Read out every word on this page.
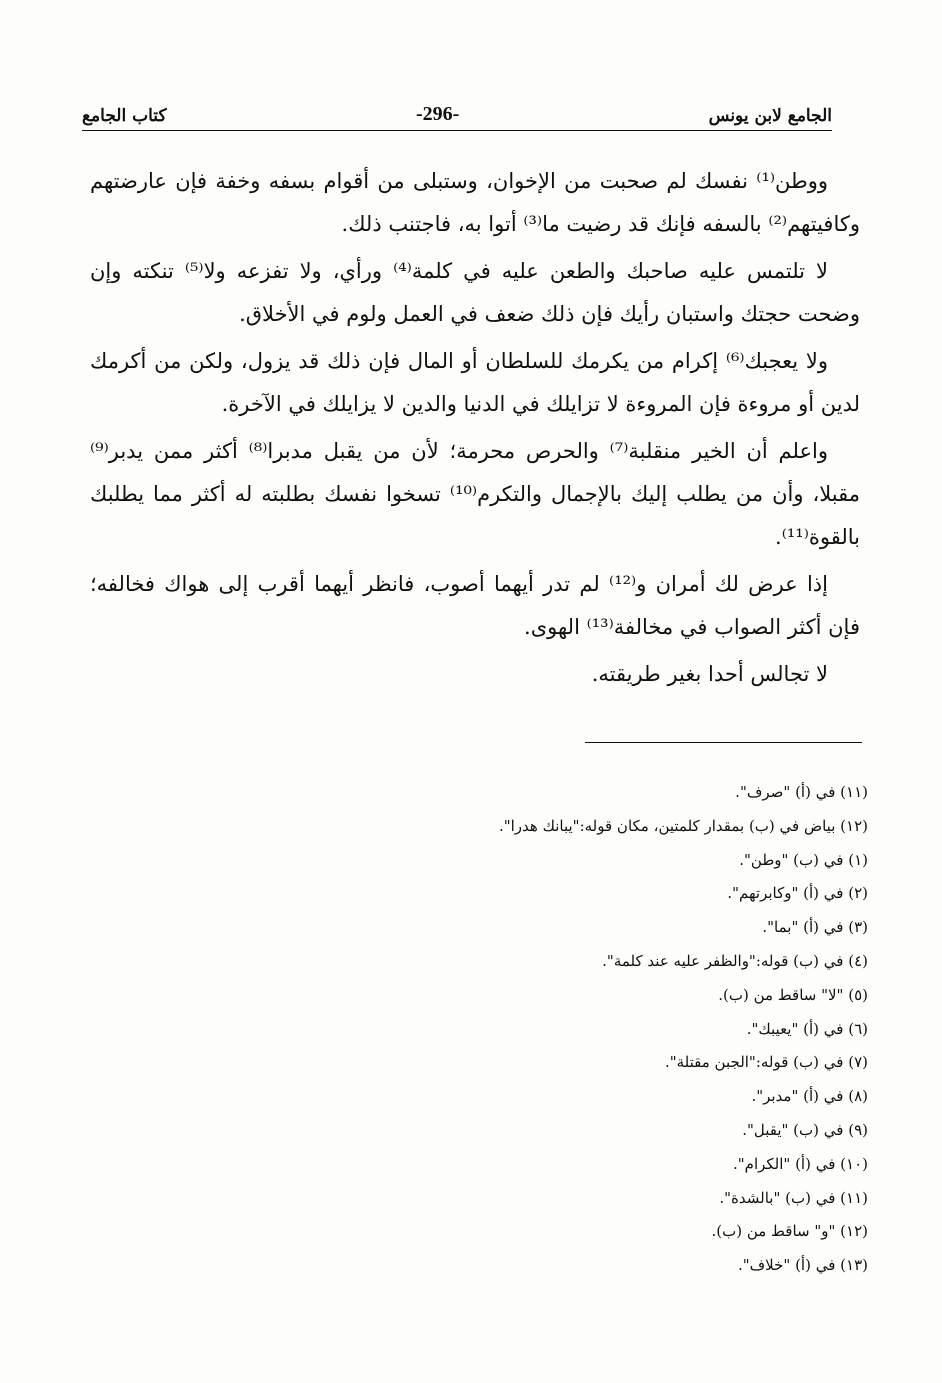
الجامع لابن يونس
-296-
كتاب الجامع

ووطن⁽¹⁾ نفسك لم صحبت من الإخوان، وستبلى من أقوام بسفه وخفة فإن عارضتهم وكافيتهم⁽²⁾ بالسفه فإنك قد رضيت ما⁽³⁾ أتوا به، فاجتنب ذلك.

لا تلتمس عليه صاحبك والطعن عليه في كلمة⁽⁴⁾ ورأي، ولا تفزعه ولا⁽⁵⁾ تنكته وإن وضحت حجتك واستبان رأيك فإن ذلك ضعف في العمل ولوم في الأخلاق.

ولا يعجبك⁽⁶⁾ إكرام من يكرمك للسلطان أو المال فإن ذلك قد يزول، ولكن من أكرمك لدين أو مروءة فإن المروءة لا تزايلك في الدنيا والدين لا يزايلك في الآخرة.

واعلم أن الخير منقلبة⁽⁷⁾ والحرص محرمة؛ لأن من يقبل مدبرا⁽⁸⁾ أكثر ممن يدبر⁽⁹⁾ مقبلا، وأن من يطلب إليك بالإجمال والتكرم⁽¹⁰⁾ تسخوا نفسك بطلبته له أكثر مما يطلبك بالقوة⁽¹¹⁾.

إذا عرض لك أمران و⁽¹²⁾ لم تدر أيهما أصوب، فانظر أيهما أقرب إلى هواك فخالفه؛ فإن أكثر الصواب في مخالفة⁽¹³⁾ الهوى.

لا تجالس أحدا بغير طريقته.

(١١) في (أ) "صرف".
(١٢) بياض في (ب) بمقدار كلمتين، مكان قوله:"يبانك هدرا".
(١) في (ب) "وطن".
(٢) في (أ) "وكابرتهم".
(٣) في (أ) "بما".
(٤) في (ب) قوله:"والظفر عليه عند كلمة".
(٥) "لا" ساقط من (ب).
(٦) في (أ) "يعيبك".
(٧) في (ب) قوله:"الجبن مقتلة".
(٨) في (أ) "مدبر".
(٩) في (ب) "يقبل".
(١٠) في (أ) "الكرام".
(١١) في (ب) "بالشدة".
(١٢) "و" ساقط من (ب).
(١٣) في (أ) "خلاف".
